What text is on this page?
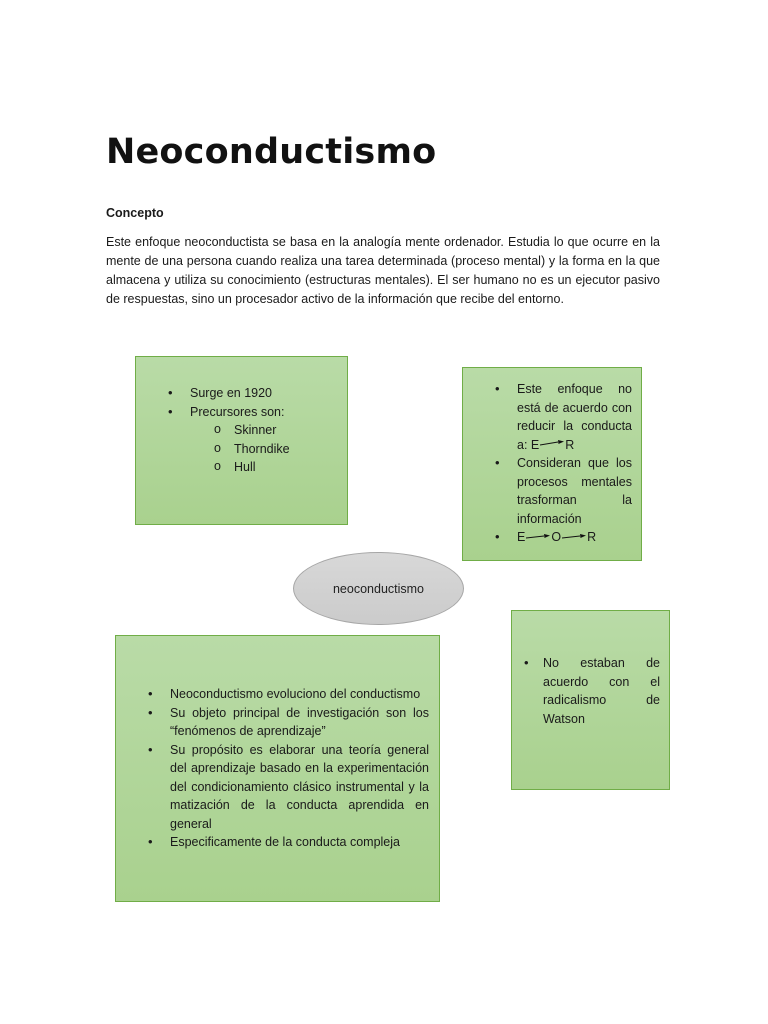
Neoconductismo
Concepto

Este enfoque neoconductista se basa en la analogía mente ordenador. Estudia lo que ocurre en la mente de una persona cuando realiza una tarea determinada (proceso mental) y la forma en la que almacena y utiliza su conocimiento (estructuras mentales). El ser humano no es un ejecutor pasivo de respuestas, sino un procesador activo de la información que recibe del entorno.

• Surge en 1920
• Precursores son:
o Skinner
o Thorndike
o Hull
• Este enfoque no está de acuerdo con reducir la conducta a: E R
• Consideran que los procesos mentales trasforman la información
• E O R
neoconductismo
• Neoconductismo evoluciono del conductismo
• Su objeto principal de investigación son los “fenómenos de aprendizaje”
• Su propósito es elaborar una teoría general del aprendizaje basado en la experimentación del condicionamiento clásico instrumental y la matización de la conducta aprendida en general
• Especificamente de la conducta compleja
• No estaban de acuerdo con el radicalismo de Watson
